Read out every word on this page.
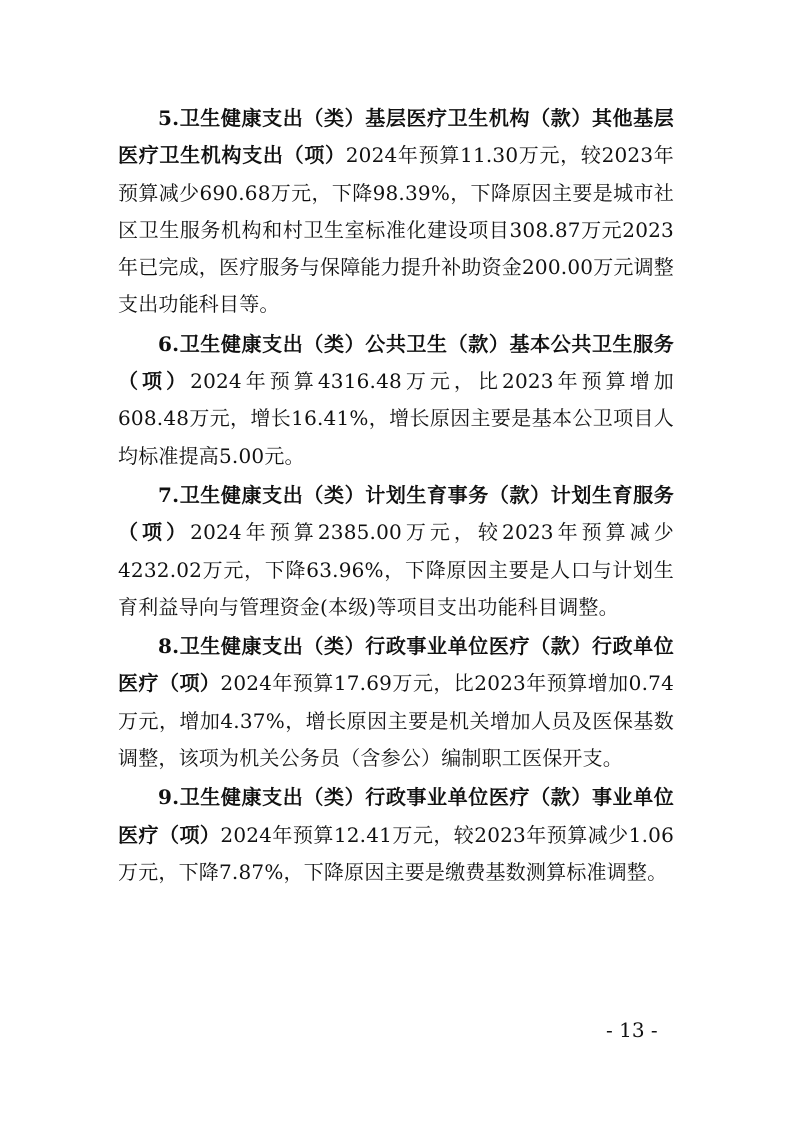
5.卫生健康支出（类）基层医疗卫生机构（款）其他基层医疗卫生机构支出（项）2024年预算11.30万元，较2023年预算减少690.68万元，下降98.39%，下降原因主要是城市社区卫生服务机构和村卫生室标准化建设项目308.87万元2023年已完成，医疗服务与保障能力提升补助资金200.00万元调整支出功能科目等。

6.卫生健康支出（类）公共卫生（款）基本公共卫生服务（项）2024年预算4316.48万元，比2023年预算增加608.48万元，增长16.41%，增长原因主要是基本公卫项目人均标准提高5.00元。

7.卫生健康支出（类）计划生育事务（款）计划生育服务（项）2024年预算2385.00万元，较2023年预算减少4232.02万元，下降63.96%，下降原因主要是人口与计划生育利益导向与管理资金(本级)等项目支出功能科目调整。

8.卫生健康支出（类）行政事业单位医疗（款）行政单位医疗（项）2024年预算17.69万元，比2023年预算增加0.74万元，增加4.37%，增长原因主要是机关增加人员及医保基数调整，该项为机关公务员（含参公）编制职工医保开支。

9.卫生健康支出（类）行政事业单位医疗（款）事业单位医疗（项）2024年预算12.41万元，较2023年预算减少1.06万元，下降7.87%，下降原因主要是缴费基数测算标准调整。

- 13 -
